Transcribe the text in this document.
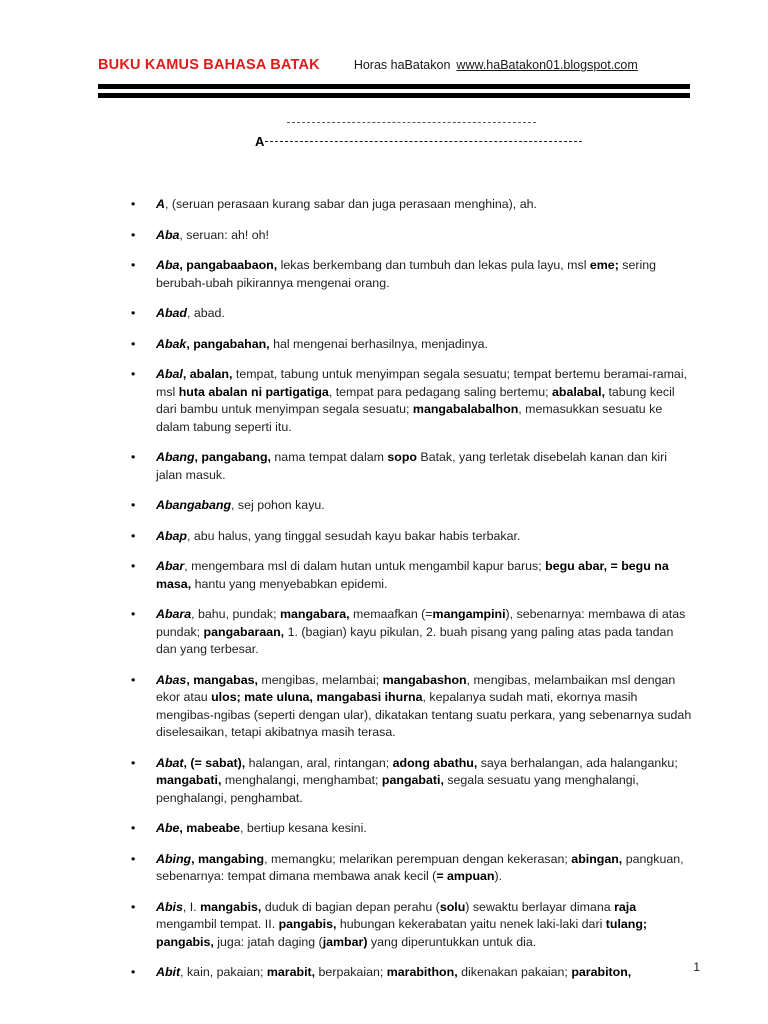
BUKU KAMUS BAHASA BATAK	Horas haBatakon www.haBatakon01.blogspot.com
A
• A, (seruan perasaan kurang sabar dan juga perasaan menghina), ah.
• Aba, seruan: ah! oh!
• Aba, pangabaabaon, lekas berkembang dan tumbuh dan lekas pula layu, msl eme; sering berubah-ubah pikirannya mengenai orang.
• Abad, abad.
• Abak, pangabahan, hal mengenai berhasilnya, menjadinya.
• Abal, abalan, tempat, tabung untuk menyimpan segala sesuatu; tempat bertemu beramai-ramai, msl huta abalan ni partigatiga, tempat para pedagang saling bertemu; abalabal, tabung kecil dari bambu untuk menyimpan segala sesuatu; mangabalabalhon, memasukkan sesuatu ke dalam tabung seperti itu.
• Abang, pangabang, nama tempat dalam sopo Batak, yang terletak disebelah kanan dan kiri jalan masuk.
• Abangabang, sej pohon kayu.
• Abap, abu halus, yang tinggal sesudah kayu bakar habis terbakar.
• Abar, mengembara msl di dalam hutan untuk mengambil kapur barus; begu abar, = begu na masa, hantu yang menyebabkan epidemi.
• Abara, bahu, pundak; mangabara, memaafkan (=mangampini), sebenarnya: membawa di atas pundak; pangabaraan, 1. (bagian) kayu pikulan, 2. buah pisang yang paling atas pada tandan dan yang terbesar.
• Abas, mangabas, mengibas, melambai; mangabashon, mengibas, melambaikan msl dengan ekor atau ulos; mate uluna, mangabasi ihurna, kepalanya sudah mati, ekornya masih mengibas-ngibas (seperti dengan ular), dikatakan tentang suatu perkara, yang sebenarnya sudah diselesaikan, tetapi akibatnya masih terasa.
• Abat, (= sabat), halangan, aral, rintangan; adong abathu, saya berhalangan, ada halanganku; mangabati, menghalangi, menghambat; pangabati, segala sesuatu yang menghalangi, penghalangi, penghambat.
• Abe, mabeabe, bertiup kesana kesini.
• Abing, mangabing, memangku; melarikan perempuan dengan kekerasan; abingan, pangkuan, sebenarnya: tempat dimana membawa anak kecil (= ampuan).
• Abis, I. mangabis, duduk di bagian depan perahu (solu) sewaktu berlayar dimana raja mengambil tempat. II. pangabis, hubungan kekerabatan yaitu nenek laki-laki dari tulang; pangabis, juga: jatah daging (jambar) yang diperuntukkan untuk dia.
• Abit, kain, pakaian; marabit, berpakaian; marabithon, dikenakan pakaian; parabiton,	1
